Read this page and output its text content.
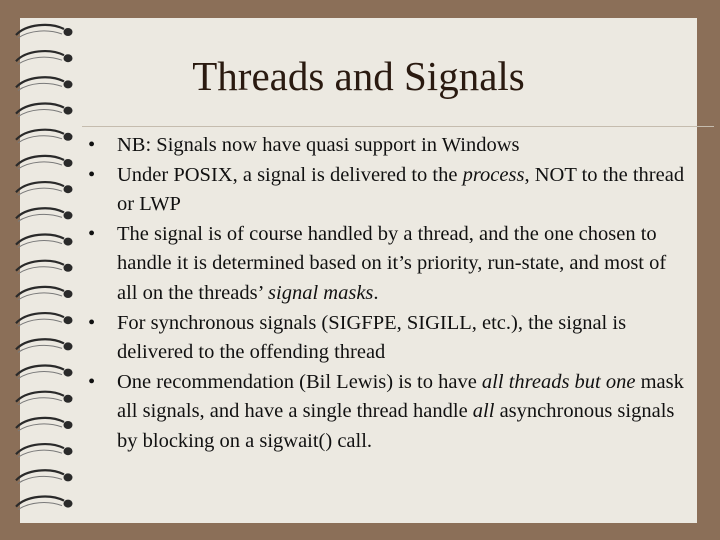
Threads and Signals
•	NB: Signals now have quasi support in Windows
•	Under POSIX, a signal is delivered to the process, NOT to the thread or LWP
•	The signal is of course handled by a thread, and the one chosen to handle it is determined based on it’s priority, run-state, and most of all on the threads’ signal masks.
•	For synchronous signals (SIGFPE, SIGILL, etc.), the signal is delivered to the offending thread
•	One recommendation (Bil Lewis) is to have all threads but one mask all signals, and have a single thread handle all asynchronous signals by blocking on a sigwait() call.
